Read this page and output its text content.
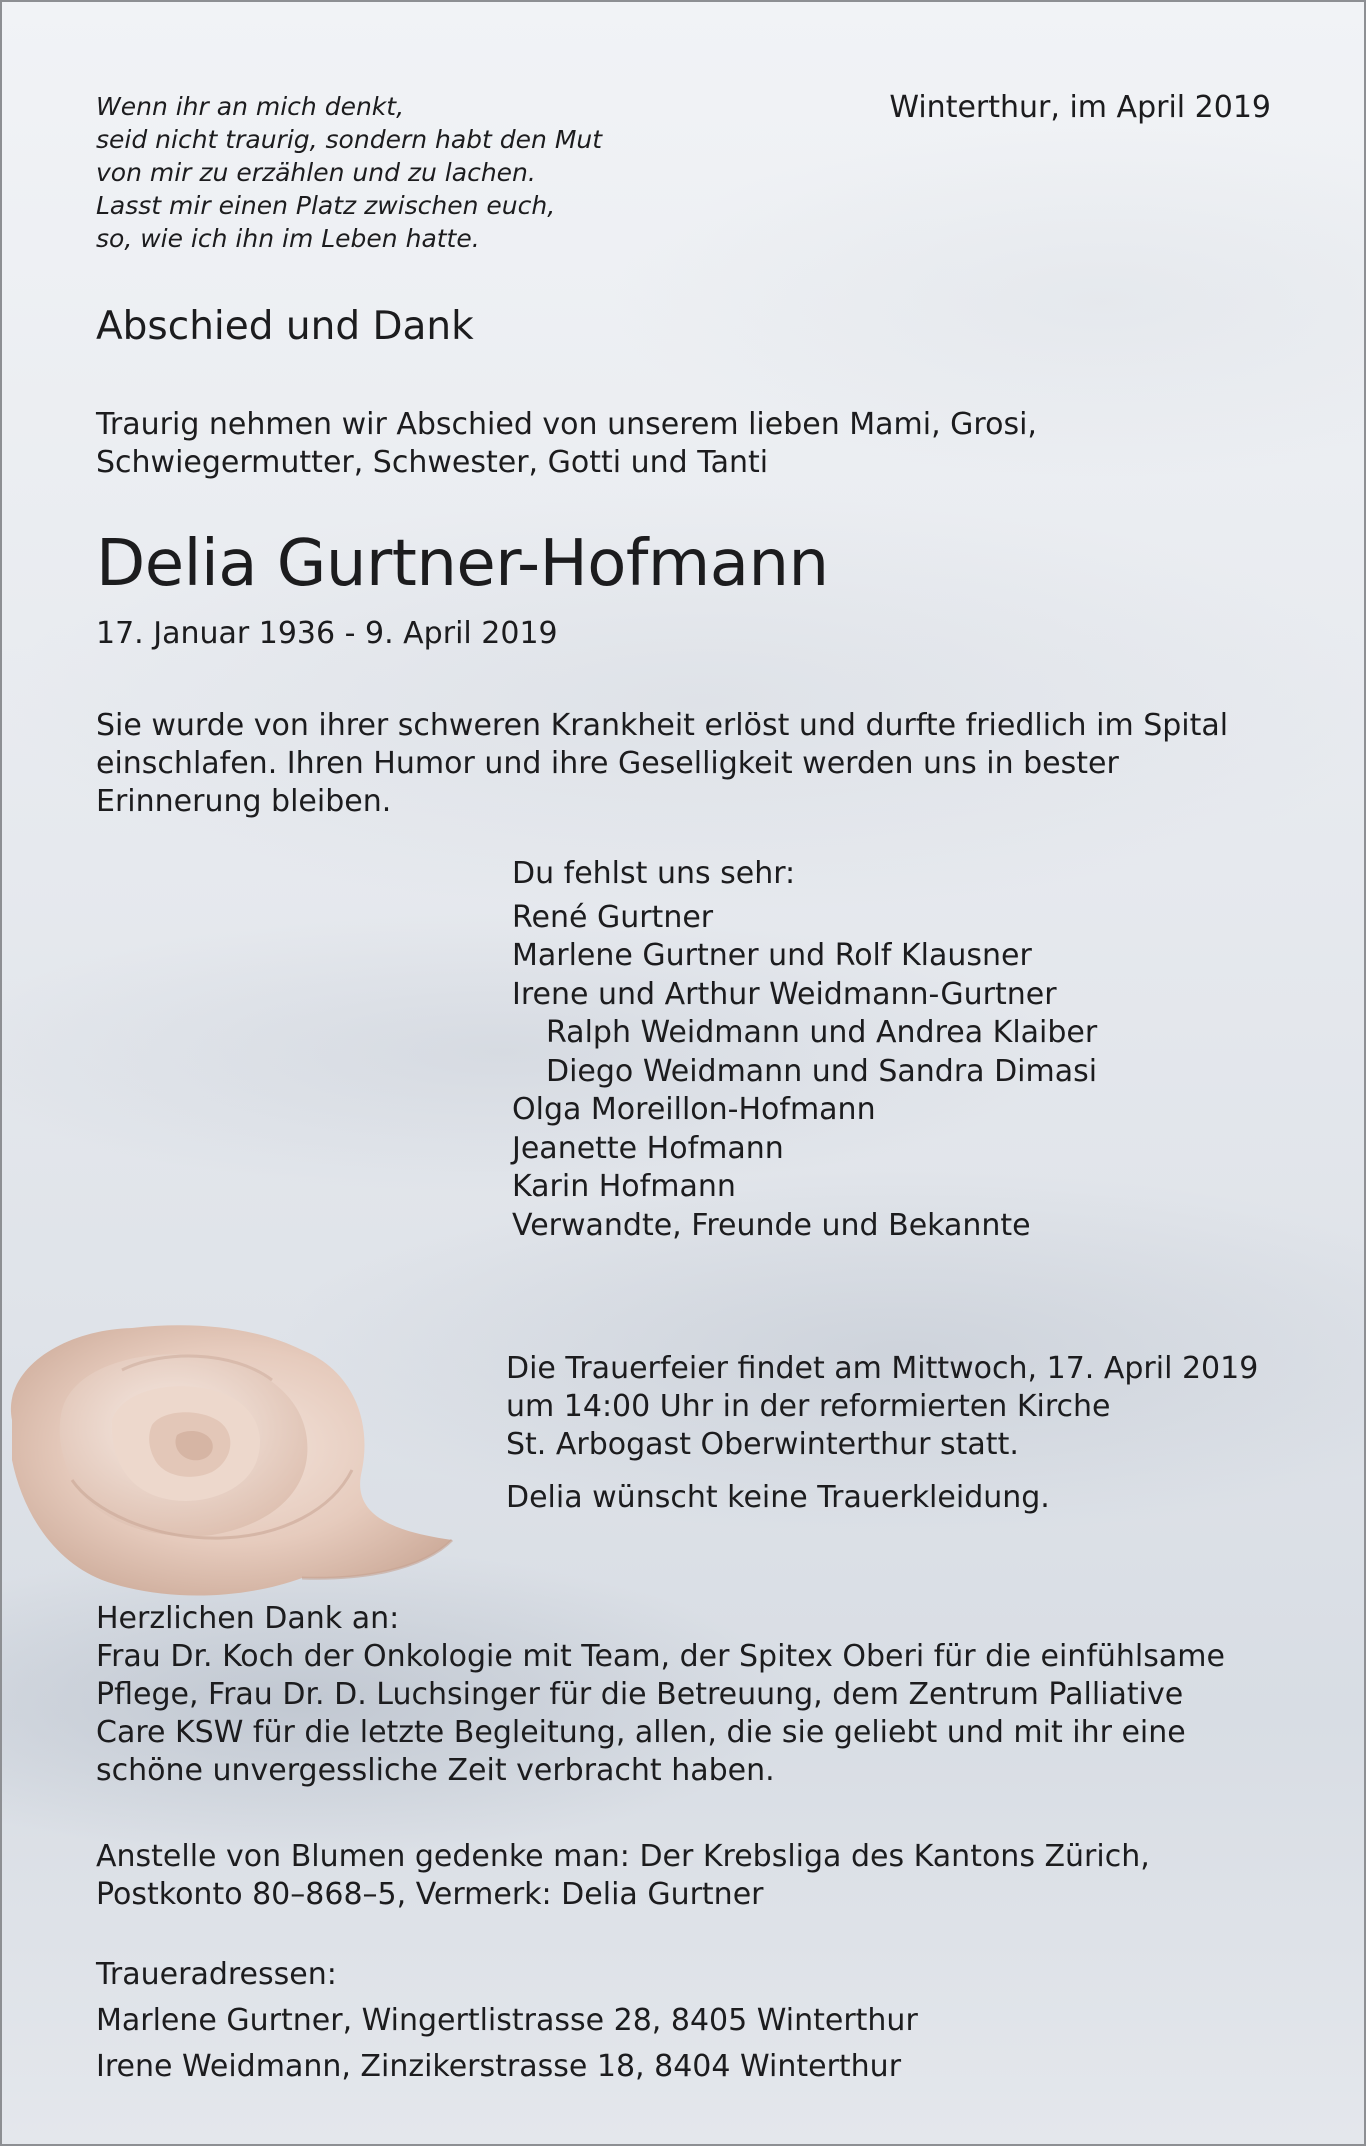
Wenn ihr an mich denkt,
seid nicht traurig, sondern habt den Mut
von mir zu erzählen und zu lachen.
Lasst mir einen Platz zwischen euch,
so, wie ich ihn im Leben hatte.
Winterthur, im April 2019
Abschied und Dank
Traurig nehmen wir Abschied von unserem lieben Mami, Grosi,
Schwiegermutter, Schwester, Gotti und Tanti
Delia Gurtner-Hofmann
17. Januar 1936 - 9. April 2019
Sie wurde von ihrer schweren Krankheit erlöst und durfte friedlich im Spital
einschlafen. Ihren Humor und ihre Geselligkeit werden uns in bester
Erinnerung bleiben.
Du fehlst uns sehr:
René Gurtner
Marlene Gurtner und Rolf Klausner
Irene und Arthur Weidmann-Gurtner
Ralph Weidmann und Andrea Klaiber
Diego Weidmann und Sandra Dimasi
Olga Moreillon-Hofmann
Jeanette Hofmann
Karin Hofmann
Verwandte, Freunde und Bekannte
Die Trauerfeier findet am Mittwoch, 17. April 2019
um 14:00 Uhr in der reformierten Kirche
St. Arbogast Oberwinterthur statt.
Delia wünscht keine Trauerkleidung.
Herzlichen Dank an:
Frau Dr. Koch der Onkologie mit Team, der Spitex Oberi für die einfühlsame
Pflege, Frau Dr. D. Luchsinger für die Betreuung, dem Zentrum Palliative
Care KSW für die letzte Begleitung, allen, die sie geliebt und mit ihr eine
schöne unvergessliche Zeit verbracht haben.
Anstelle von Blumen gedenke man: Der Krebsliga des Kantons Zürich,
Postkonto 80–868–5, Vermerk: Delia Gurtner
Traueradressen:
Marlene Gurtner, Wingertlistrasse 28, 8405 Winterthur
Irene Weidmann, Zinzikerstrasse 18, 8404 Winterthur
